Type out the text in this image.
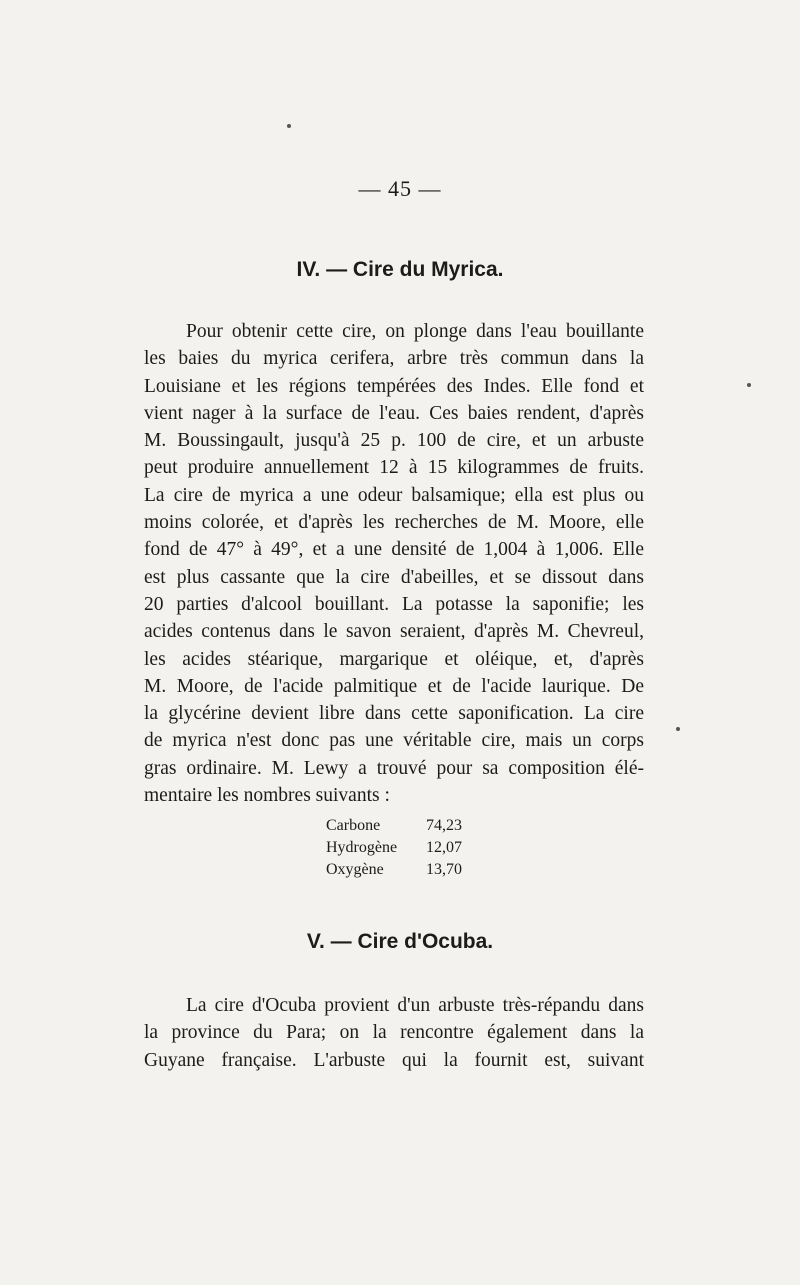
— 45 —
IV. — Cire du Myrica.
Pour obtenir cette cire, on plonge dans l'eau bouillante
les baies du myrica cerifera, arbre très commun dans la
Louisiane et les régions tempérées des Indes. Elle fond et
vient nager à la surface de l'eau. Ces baies rendent, d'après
M. Boussingault, jusqu'à 25 p. 100 de cire, et un arbuste
peut produire annuellement 12 à 15 kilogrammes de fruits.
La cire de myrica a une odeur balsamique; ella est plus ou
moins colorée, et d'après les recherches de M. Moore, elle
fond de 47° à 49°, et a une densité de 1,004 à 1,006. Elle
est plus cassante que la cire d'abeilles, et se dissout dans
20 parties d'alcool bouillant. La potasse la saponifie; les
acides contenus dans le savon seraient, d'après M. Chevreul,
les acides stéarique, margarique et oléique, et, d'après
M. Moore, de l'acide palmitique et de l'acide laurique. De
la glycérine devient libre dans cette saponification. La cire
de myrica n'est donc pas une véritable cire, mais un corps
gras ordinaire. M. Lewy a trouvé pour sa composition élé-
mentaire les nombres suivants :
Carbone	74,23
Hydrogène	12,07
Oxygène	13,70
V. — Cire d'Ocuba.
La cire d'Ocuba provient d'un arbuste très-répandu dans
la province du Para; on la rencontre également dans la
Guyane française. L'arbuste qui la fournit est, suivant
